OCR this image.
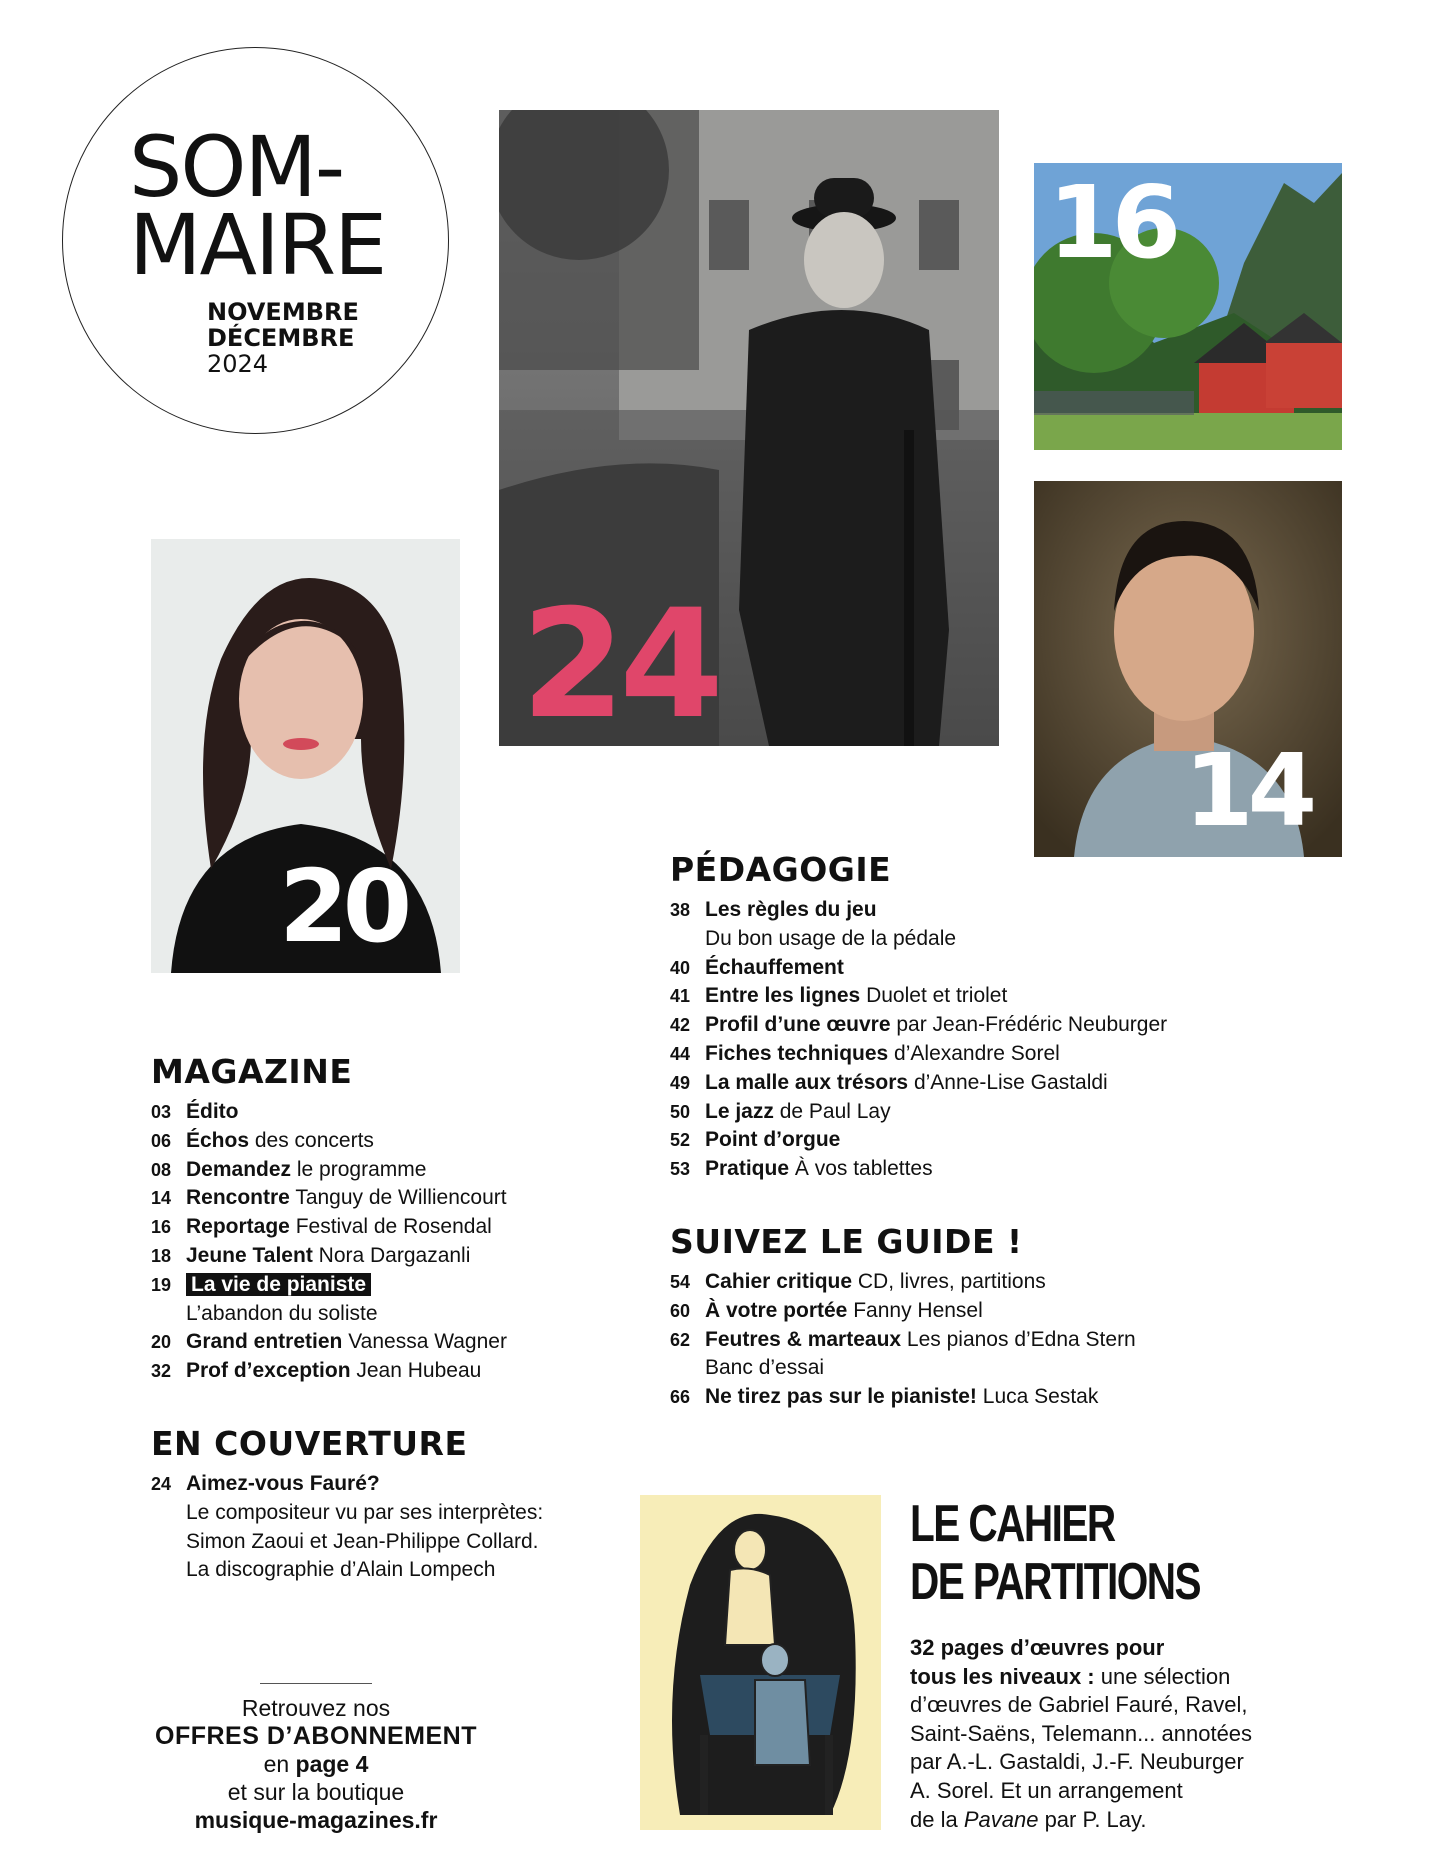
SOM-
MAIRE
NOVEMBRE
DÉCEMBRE
2024
24
16
14
20
MAGAZINE
03 Édito
06 Échos des concerts
08 Demandez le programme
14 Rencontre Tanguy de Williencourt
16 Reportage Festival de Rosendal
18 Jeune Talent Nora Dargazanli
19 La vie de pianiste
L’abandon du soliste
20 Grand entretien Vanessa Wagner
32 Prof d’exception Jean Hubeau
EN COUVERTURE
24 Aimez-vous Fauré?
Le compositeur vu par ses interprètes:
Simon Zaoui et Jean-Philippe Collard.
La discographie d’Alain Lompech
PÉDAGOGIE
38 Les règles du jeu
Du bon usage de la pédale
40 Échauffement
41 Entre les lignes Duolet et triolet
42 Profil d’une œuvre par Jean-Frédéric Neuburger
44 Fiches techniques d’Alexandre Sorel
49 La malle aux trésors d’Anne-Lise Gastaldi
50 Le jazz de Paul Lay
52 Point d’orgue
53 Pratique À vos tablettes
SUIVEZ LE GUIDE !
54 Cahier critique CD, livres, partitions
60 À votre portée Fanny Hensel
62 Feutres & marteaux Les pianos d’Edna Stern
Banc d’essai
66 Ne tirez pas sur le pianiste! Luca Sestak
Retrouvez nos
OFFRES D’ABONNEMENT
en page 4
et sur la boutique
musique-magazines.fr
LE CAHIER
DE PARTITIONS
32 pages d’œuvres pour
tous les niveaux : une sélection
d’œuvres de Gabriel Fauré, Ravel,
Saint-Saëns, Telemann... annotées
par A.-L. Gastaldi, J.-F. Neuburger
A. Sorel. Et un arrangement
de la Pavane par P. Lay.
